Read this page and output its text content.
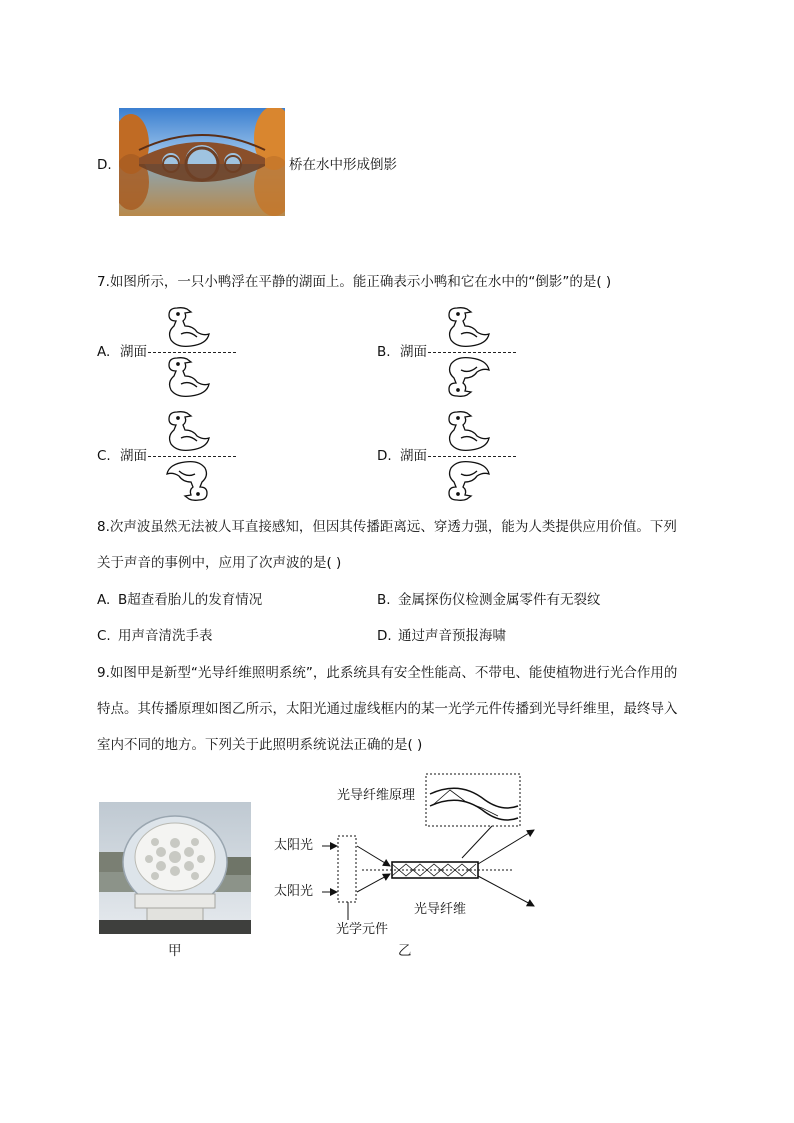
D.	桥在水中形成倒影
7.如图所示，一只小鸭浮在平静的湖面上。能正确表示小鸭和它在水中的“倒影”的是( )
A. 湖面	B. 湖面
C. 湖面	D. 湖面
8.次声波虽然无法被人耳直接感知，但因其传播距离远、穿透力强，能为人类提供应用价值。下列
关于声音的事例中，应用了次声波的是( )
A. B超查看胎儿的发育情况	B. 金属探伤仪检测金属零件有无裂纹
C. 用声音清洗手表	D. 通过声音预报海啸
9.如图甲是新型“光导纤维照明系统”，此系统具有安全性能高、不带电、能使植物进行光合作用的
特点。其传播原理如图乙所示，太阳光通过虚线框内的某一光学元件传播到光导纤维里，最终导入
室内不同的地方。下列关于此照明系统说法正确的是( )
甲
光导纤维原理
太阳光
太阳光
光导纤维
光学元件
乙
